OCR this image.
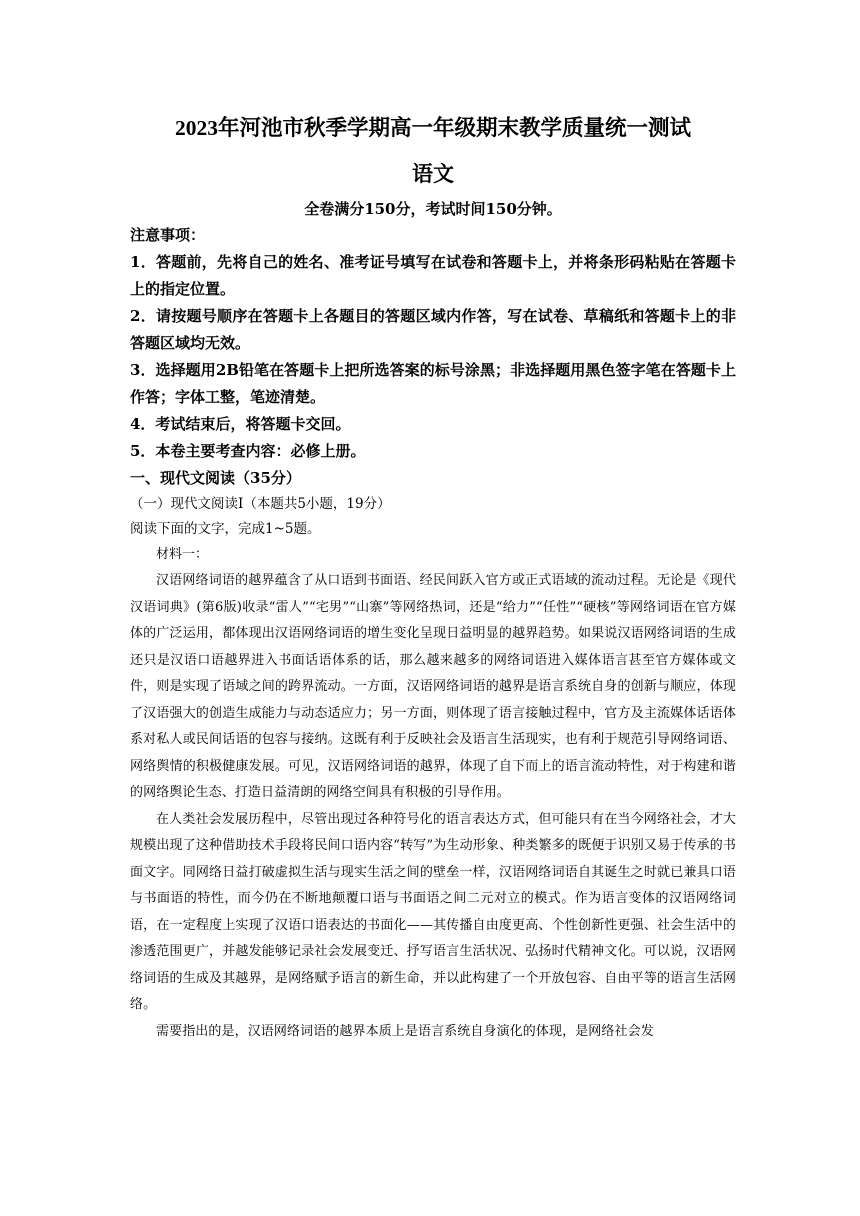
2023年河池市秋季学期高一年级期末教学质量统一测试
语文

全卷满分150分，考试时间150分钟。

注意事项：

1．答题前，先将自己的姓名、准考证号填写在试卷和答题卡上，并将条形码粘贴在答题卡上的指定位置。

2．请按题号顺序在答题卡上各题目的答题区域内作答，写在试卷、草稿纸和答题卡上的非答题区域均无效。

3．选择题用2B铅笔在答题卡上把所选答案的标号涂黑；非选择题用黑色签字笔在答题卡上作答；字体工整，笔迹清楚。

4．考试结束后，将答题卡交回。

5．本卷主要考查内容：必修上册。

一、现代文阅读（35分）

（一）现代文阅读Ⅰ（本题共5小题，19分）

阅读下面的文字，完成1~5题。

材料一：

汉语网络词语的越界蕴含了从口语到书面语、经民间跃入官方或正式语域的流动过程。无论是《现代汉语词典》(第6版)收录“雷人”“宅男”“山寨”等网络热词，还是“给力”“任性”“硬核”等网络词语在官方媒体的广泛运用，都体现出汉语网络词语的增生变化呈现日益明显的越界趋势。如果说汉语网络词语的生成还只是汉语口语越界进入书面话语体系的话，那么越来越多的网络词语进入媒体语言甚至官方媒体或文件，则是实现了语域之间的跨界流动。一方面，汉语网络词语的越界是语言系统自身的创新与顺应，体现了汉语强大的创造生成能力与动态适应力；另一方面，则体现了语言接触过程中，官方及主流媒体话语体系对私人或民间话语的包容与接纳。这既有利于反映社会及语言生活现实，也有利于规范引导网络词语、网络舆情的积极健康发展。可见，汉语网络词语的越界，体现了自下而上的语言流动特性，对于构建和谐的网络舆论生态、打造日益清朗的网络空间具有积极的引导作用。

在人类社会发展历程中，尽管出现过各种符号化的语言表达方式，但可能只有在当今网络社会，才大规模出现了这种借助技术手段将民间口语内容“转写”为生动形象、种类繁多的既便于识别又易于传承的书面文字。同网络日益打破虚拟生活与现实生活之间的壁垒一样，汉语网络词语自其诞生之时就已兼具口语与书面语的特性，而今仍在不断地颠覆口语与书面语之间二元对立的模式。作为语言变体的汉语网络词语，在一定程度上实现了汉语口语表达的书面化——其传播自由度更高、个性创新性更强、社会生活中的渗透范围更广，并越发能够记录社会发展变迁、抒写语言生活状况、弘扬时代精神文化。可以说，汉语网络词语的生成及其越界，是网络赋予语言的新生命，并以此构建了一个开放包容、自由平等的语言生活网络。

需要指出的是，汉语网络词语的越界本质上是语言系统自身演化的体现，是网络社会发
